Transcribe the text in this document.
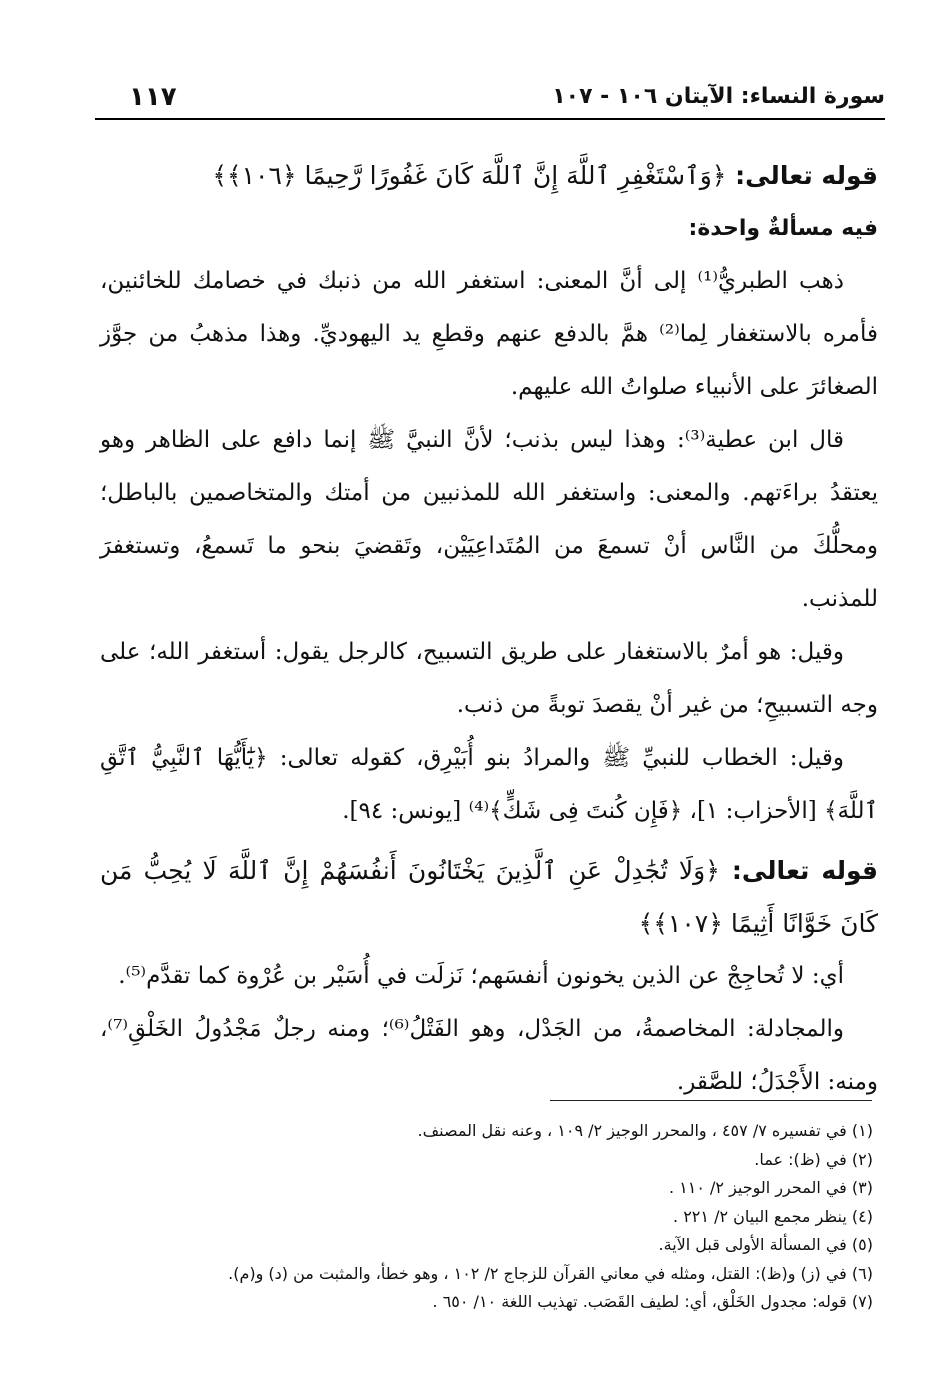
١١٧	سورة النساء: الآيتان ١٠٦ - ١٠٧

قوله تعالى: ﴿وَٱسْتَغْفِرِ ٱللَّهَ إِنَّ ٱللَّهَ كَانَ غَفُورًا رَّحِيمًا ﴿١٠٦﴾﴾

فيه مسألةٌ واحدة:

ذهب الطبريُّ⁽¹⁾ إلى أنَّ المعنى: استغفر الله من ذنبك في خصامك للخائنين، فأمره بالاستغفار لِما⁽²⁾ همَّ بالدفع عنهم وقطعِ يد اليهوديِّ. وهذا مذهبُ من جوَّز الصغائرَ على الأنبياء صلواتُ الله عليهم.

قال ابن عطية⁽³⁾: وهذا ليس بذنب؛ لأنَّ النبيَّ ﷺ إنما دافع على الظاهر وهو يعتقدُ براءَتهم. والمعنى: واستغفر الله للمذنبين من أمتك والمتخاصمين بالباطل؛ ومحلُّكَ من النَّاس أنْ تسمعَ من المُتَداعِيَيْن، وتَقضيَ بنحو ما تَسمعُ، وتستغفرَ للمذنب.

وقيل: هو أمرٌ بالاستغفار على طريق التسبيح، كالرجل يقول: أستغفر الله؛ على وجه التسبيحِ؛ من غير أنْ يقصدَ توبةً من ذنب.

وقيل: الخطاب للنبيِّ ﷺ والمرادُ بنو أُبَيْرِق، كقوله تعالى: ﴿يَٰٓأَيُّهَا ٱلنَّبِيُّ ٱتَّقِ ٱللَّهَ﴾ [الأحزاب: ١]، ﴿فَإِن كُنتَ فِى شَكٍّ﴾⁽⁴⁾ [يونس: ٩٤].

قوله تعالى: ﴿وَلَا تُجَٰدِلْ عَنِ ٱلَّذِينَ يَخْتَانُونَ أَنفُسَهُمْ إِنَّ ٱللَّهَ لَا يُحِبُّ مَن كَانَ خَوَّانًا أَثِيمًا ﴿١٠٧﴾﴾

أي: لا تُحاجِجْ عن الذين يخونون أنفسَهم؛ نَزلَت في أُسَيْر بن عُرْوة كما تقدَّم⁽⁵⁾.

والمجادلة: المخاصمةُ، من الجَدْل، وهو الفَتْلُ⁽⁶⁾؛ ومنه رجلٌ مَجْدُولُ الخَلْقِ⁽⁷⁾، ومنه: الأَجْدَلُ؛ للصَّقر.

(١) في تفسيره ٧/ ٤٥٧ ، والمحرر الوجيز ٢/ ١٠٩ ، وعنه نقل المصنف.
(٢) في (ظ): عما.
(٣) في المحرر الوجيز ٢/ ١١٠ .
(٤) ينظر مجمع البيان ٢/ ٢٢١ .
(٥) في المسألة الأولى قبل الآية.
(٦) في (ز) و(ظ): القتل، ومثله في معاني القرآن للزجاج ٢/ ١٠٢ ، وهو خطأ، والمثبت من (د) و(م).
(٧) قوله: مجدول الخَلْق، أي: لطيف القَصَب. تهذيب اللغة ١٠/ ٦٥٠ .
